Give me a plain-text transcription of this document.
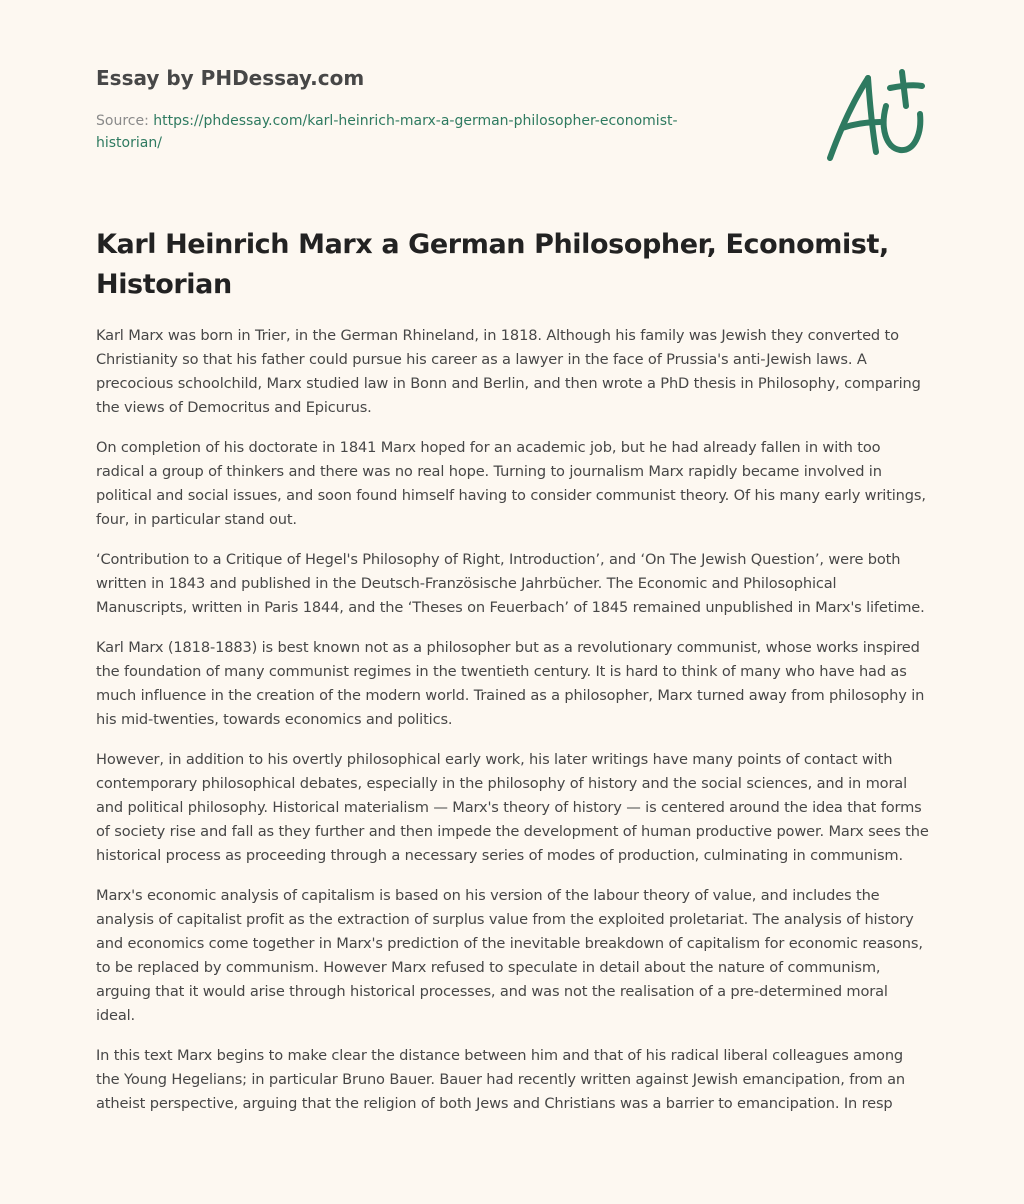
Essay by PHDessay.com
Source: https://phdessay.com/karl-heinrich-marx-a-german-philosopher-economist-historian/
Karl Heinrich Marx a German Philosopher, Economist, Historian

Karl Marx was born in Trier, in the German Rhineland, in 1818. Although his family was Jewish they converted to Christianity so that his father could pursue his career as a lawyer in the face of Prussia's anti-Jewish laws. A precocious schoolchild, Marx studied law in Bonn and Berlin, and then wrote a PhD thesis in Philosophy, comparing the views of Democritus and Epicurus.

On completion of his doctorate in 1841 Marx hoped for an academic job, but he had already fallen in with too radical a group of thinkers and there was no real hope. Turning to journalism Marx rapidly became involved in political and social issues, and soon found himself having to consider communist theory. Of his many early writings, four, in particular stand out.

‘Contribution to a Critique of Hegel's Philosophy of Right, Introduction’, and ‘On The Jewish Question’, were both written in 1843 and published in the Deutsch-Französische Jahrbücher. The Economic and Philosophical Manuscripts, written in Paris 1844, and the ‘Theses on Feuerbach’ of 1845 remained unpublished in Marx's lifetime.

Karl Marx (1818-1883) is best known not as a philosopher but as a revolutionary communist, whose works inspired the foundation of many communist regimes in the twentieth century. It is hard to think of many who have had as much influence in the creation of the modern world. Trained as a philosopher, Marx turned away from philosophy in his mid-twenties, towards economics and politics.

However, in addition to his overtly philosophical early work, his later writings have many points of contact with contemporary philosophical debates, especially in the philosophy of history and the social sciences, and in moral and political philosophy. Historical materialism — Marx's theory of history — is centered around the idea that forms of society rise and fall as they further and then impede the development of human productive power. Marx sees the historical process as proceeding through a necessary series of modes of production, culminating in communism.

Marx's economic analysis of capitalism is based on his version of the labour theory of value, and includes the analysis of capitalist profit as the extraction of surplus value from the exploited proletariat. The analysis of history and economics come together in Marx's prediction of the inevitable breakdown of capitalism for economic reasons, to be replaced by communism. However Marx refused to speculate in detail about the nature of communism, arguing that it would arise through historical processes, and was not the realisation of a pre-determined moral ideal.

In this text Marx begins to make clear the distance between him and that of his radical liberal colleagues among the Young Hegelians; in particular Bruno Bauer. Bauer had recently written against Jewish emancipation, from an atheist perspective, arguing that the religion of both Jews and Christians was a barrier to emancipation. In resp
